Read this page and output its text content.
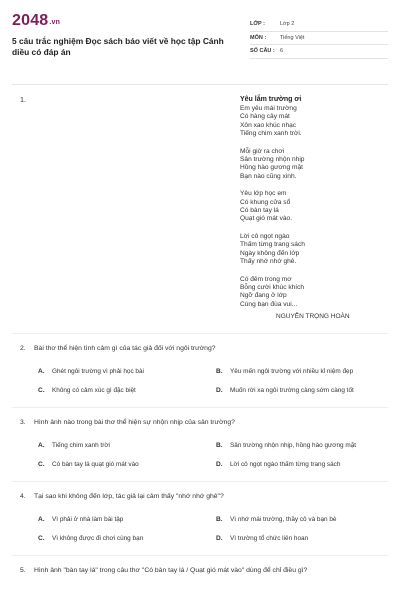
2048.vn
5 câu trắc nghiệm Đọc sách báo viết về học tập Cánh diều có đáp án
LỚP :	Lớp 2
MÔN :	Tiếng Việt
SỐ CÂU : 6
1.	Yêu lắm trường ơi
Em yêu mái trường
Có hàng cây mát
Xôn xao khúc nhạc
Tiếng chim xanh trời.
Mỗi giờ ra chơi
Sân trường nhộn nhịp
Hồng hào gương mặt
Bạn nào cũng xinh.
Yêu lớp học em
Có khung cửa sổ
Có bàn tay lá
Quạt gió mát vào.
Lời cô ngọt ngào
Thấm từng trang sách
Ngày không đến lớp
Thấy nhớ nhớ ghê.
Có đêm trong mơ
Bỗng cười khúc khích
Ngỡ đang ở lớp
Cùng bạn đùa vui...
NGUYỄN TRỌNG HOÀN
2. Bài thơ thể hiện tình cảm gì của tác giả đối với ngôi trường?
A.	Ghét ngôi trường vì phải học bài	B.	Yêu mến ngôi trường với nhiều kỉ niệm đẹp
C.	Không có cảm xúc gì đặc biệt	D.	Muốn rời xa ngôi trường càng sớm càng tốt
3. Hình ảnh nào trong bài thơ thể hiện sự nhộn nhịp của sân trường?
A.	Tiếng chim xanh trời	B.	Sân trường nhộn nhịp, hồng hào gương mặt
C.	Có bàn tay lá quạt gió mát vào	D.	Lời cô ngọt ngào thấm từng trang sách
4. Tại sao khi không đến lớp, tác giả lại cảm thấy "nhớ nhớ ghê"?
A.	Vì phải ở nhà làm bài tập	B.	Vì nhớ mái trường, thầy cô và bạn bè
C.	Vì không được đi chơi cùng bạn	D.	Vì trường tổ chức liên hoan
5. Hình ảnh "bàn tay lá" trong câu thơ "Có bàn tay lá / Quạt gió mát vào" dùng để chỉ điều gì?
